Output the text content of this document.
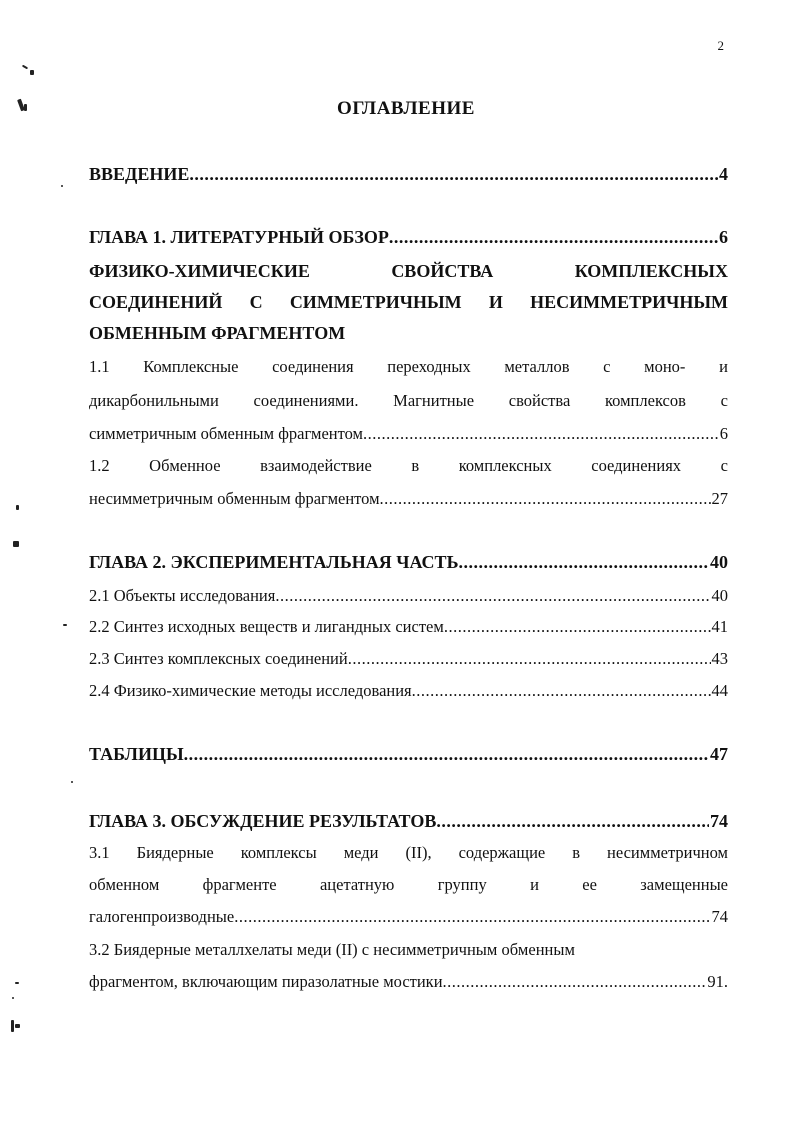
2
ОГЛАВЛЕНИЕ
ВВЕДЕНИЕ .....	4
ГЛАВА 1. ЛИТЕРАТУРНЫЙ ОБЗОР .....	6
ФИЗИКО-ХИМИЧЕСКИЕ	СВОЙСТВА	КОМПЛЕКСНЫХ
СОЕДИНЕНИЙ С СИММЕТРИЧНЫМ И НЕСИММЕТРИЧНЫМ
ОБМЕННЫМ ФРАГМЕНТОМ
1.1 Комплексные соединения переходных металлов с моно- и
дикарбонильными соединениями. Магнитные свойства комплексов с
симметричным обменным фрагментом .....	6
1.2 Обменное взаимодействие в комплексных соединениях с
несимметричным обменным фрагментом .....	27
ГЛАВА 2. ЭКСПЕРИМЕНТАЛЬНАЯ ЧАСТЬ .....	40
2.1 Объекты исследования .....	40
2.2 Синтез исходных веществ и лигандных систем .....	41
2.3 Синтез комплексных соединений .....	43
2.4 Физико-химические методы исследования .....	44
ТАБЛИЦЫ .....	47
ГЛАВА 3. ОБСУЖДЕНИЕ РЕЗУЛЬТАТОВ .....	74
3.1 Биядерные комплексы меди (II), содержащие в несимметричном
обменном	фрагменте	ацетатную	группу	и	ее	замещенные
галогенпроизводные .....	74
3.2 Биядерные металлхелаты меди (II) с несимметричным обменным
фрагментом, включающим пиразолатные мостики .....	91.
